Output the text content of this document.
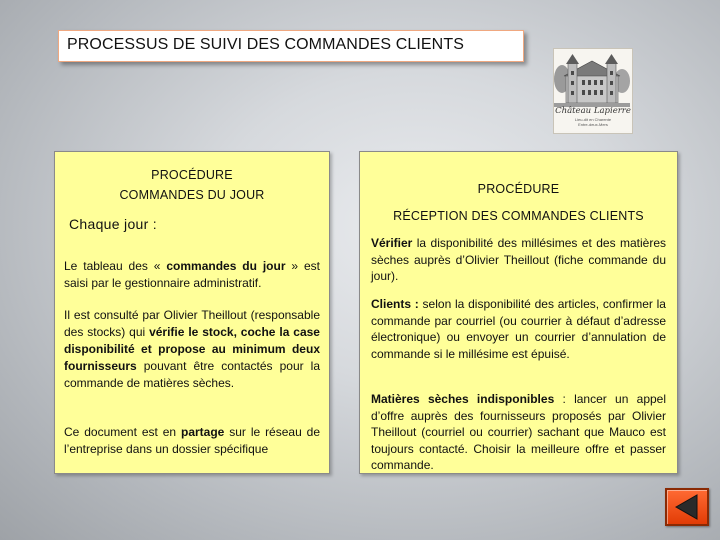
PROCESSUS DE SUIVI DES COMMANDES CLIENTS
Château Lapierre
Lieu-dit en Charente
Entre-deux-Mers
PROCÉDURE
COMMANDES DU JOUR
Chaque jour :
Le tableau des « commandes du jour » est saisi par le gestionnaire administratif.
Il est consulté par Olivier Theillout (responsable des stocks) qui vérifie le stock, coche la case disponibilité et propose au minimum deux fournisseurs pouvant être contactés pour la commande de matières sèches.
Ce document est en partage sur le réseau de l’entreprise dans un dossier spécifique
PROCÉDURE
RÉCEPTION DES COMMANDES CLIENTS
Vérifier la disponibilité des millésimes et des matières sèches auprès d’Olivier Theillout (fiche commande du jour).
Clients : selon la disponibilité des articles, confirmer la commande par courriel (ou courrier à défaut d’adresse électronique) ou envoyer un courrier d’annulation de commande si le millésime est épuisé.
Matières sèches indisponibles : lancer un appel d’offre auprès des fournisseurs proposés par Olivier Theillout (courriel ou courrier) sachant que Mauco est toujours contacté. Choisir la meilleure offre et passer commande.
